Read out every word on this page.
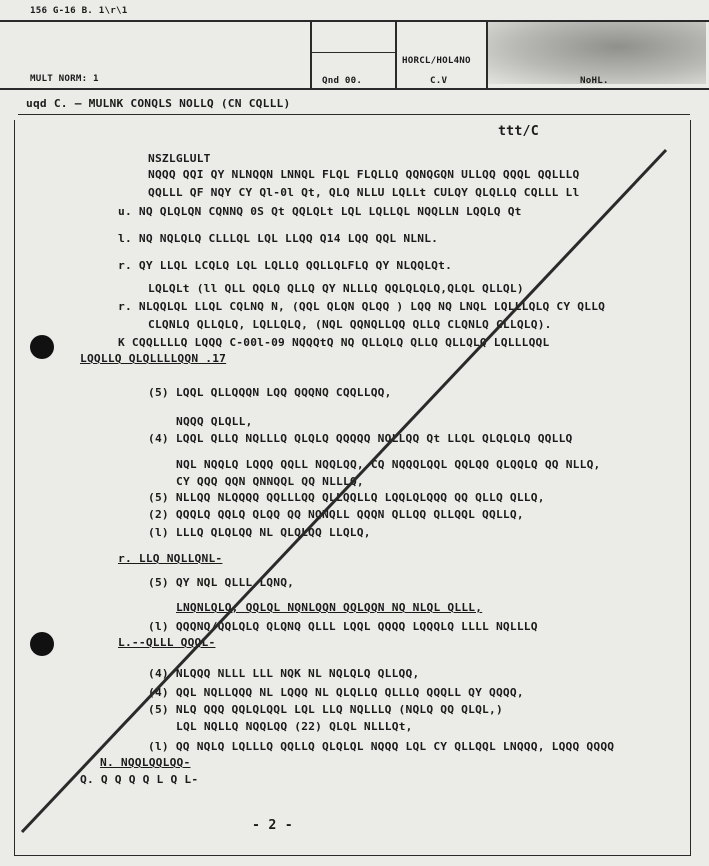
156 G-16 B. 1\r\1
MULT NORM: 1	Qnd 00.
HORCL/HOL4NO
C.V	NoHL.
uqd C. — MULNK CONQLS NOLLQ (CN CQLLL)
ttt/C
NSZLGLULT
NQQQ QQI QY NLNQQN LNNQL FLQL FLQLLQ QQNQGQN ULLQQ QQQL QQLLLQ
QQLLL QF NQY CY Ql-0l Qt, QLQ NLLU LQLLt CULQY QLQLLQ CQLLL Ll
u. NQ QLQLQN CQNNQ 0S Qt QQLQLt LQL LQLLQL NQQLLN LQQLQ Qt
l. NQ NQLQLQ CLLLQL LQL LLQQ Q14 LQQ QQL NLNL.
r. QY LLQL LCQLQ LQL LQLLQ QQLLQLFLQ QY NLQQLQt.
LQLQLt (ll QLL QQLQ QLLQ QY NLLLQ QQLQLQLQ,QLQL QLLQL)
r. NLQQLQL LLQL CQLNQ N, (QQL QLQN QLQQ ) LQQ NQ LNQL LQLLLQLQ CY QLLQ
CLQNLQ QLLQLQ, LQLLQLQ, (NQL QQNQLLQQ QLLQ CLQNLQ CLLQLQ).
K CQQLLLLQ LQQQ C-00l-09 NQQQtQ NQ QLLQLQ QLLQ QLLQLQ LQLLLQQL
LQQLLQ QLQLLLLQQN .17
(5) LQQL QLLQQQN LQQ QQQNQ CQQLLQQ,
NQQQ QLQLL,
(4) LQQL QLLQ NQLLLQ QLQLQ QQQQQ NQLLQQ Qt LLQL QLQLQLQ QQLLQ
NQL NQQLQ LQQQ QQLL NQQLQQ, CQ NQQQLQQL QQLQQ QLQQLQ QQ NLLQ,
CY QQQ QQN QNNQQL QQ NLLLQ,
(5) NLLQQ NLQQQQ QQLLLQQ QLLQQLLQ LQQLQLQQQ QQ QLLQ QLLQ,
(2) QQQLQ QQLQ QLQQ QQ NQNQLL QQQN QLLQQ QLLQQL QQLLQ,
(l) LLLQ QLQLQQ NL QLQLQQ LLQLQ,
r. LLQ NQLLQNL-
(5) QY NQL QLLL LQNQ,
LNQNLQLQ, QQLQL NQNLQQN QQLQQN NQ NLQL QLLL,
(l) QQQNQ/QQLQLQ QLQNQ QLLL LQQL QQQQ LQQQLQ LLLL NQLLLQ
L.--QLLL QQQL-
(4) NLQQQ NLLL LLL NQK NL NQLQLQ QLLQQ,
(4) QQL NQLLQQQ NL LQQQ NL QLQLLQ QLLLQ QQQLL QY QQQQ,
(5) NLQ QQQ QQLQLQQL LQL LLQ NQLLLQ (NQLQ QQ QLQL,)
LQL NQLLQ NQQLQQ (22) QLQL NLLLQt,
(l) QQ NQLQ LQLLLQ QQLLQ QLQLQL NQQQ LQL CY QLLQQL LNQQQ, LQQQ QQQQ
N. NQQLQQLQQ-
Q. Q Q Q Q L Q L-
- 2 -
